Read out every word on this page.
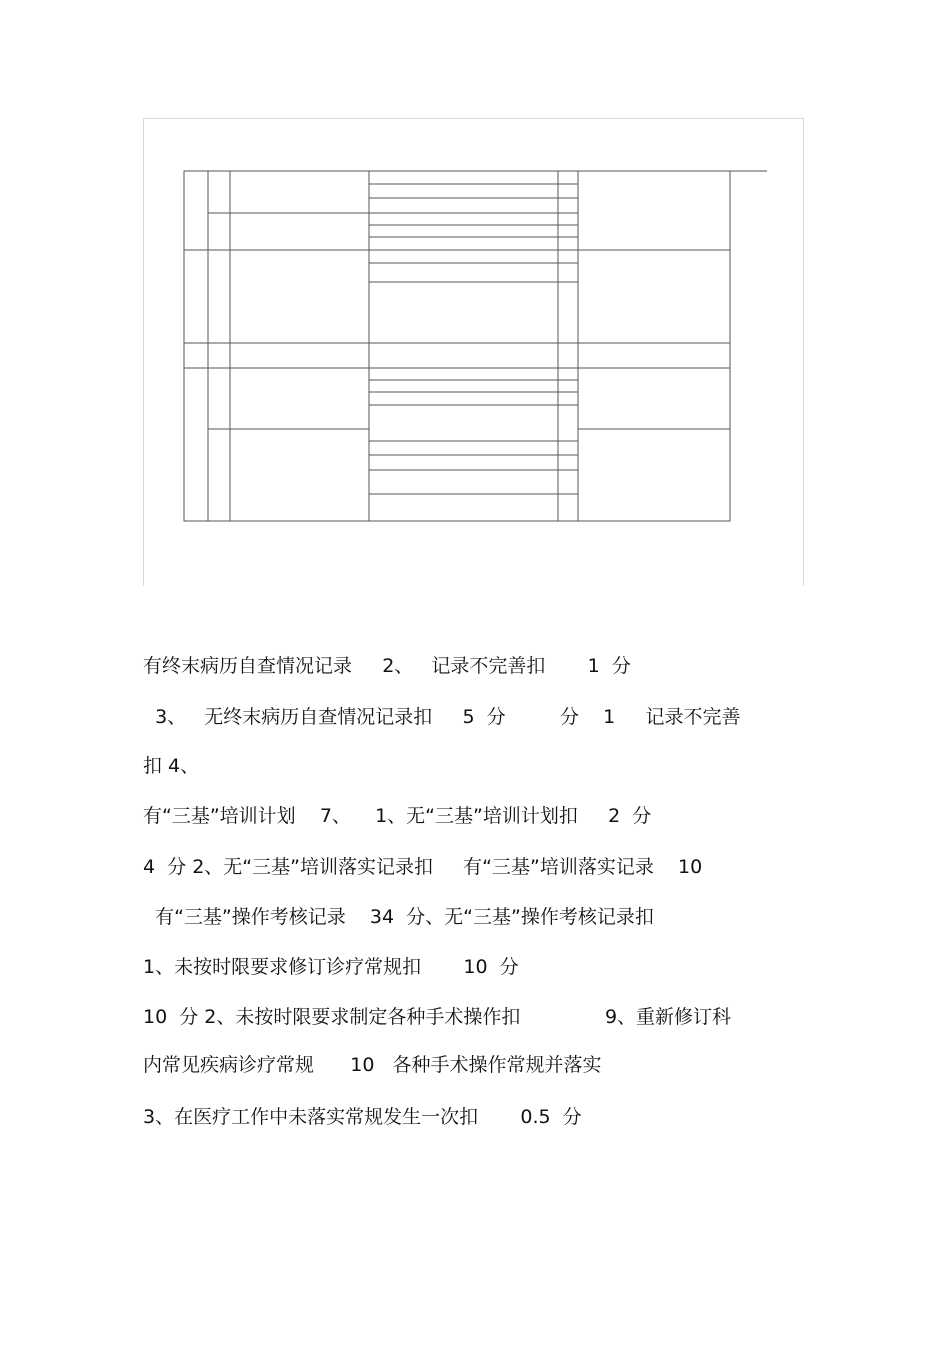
有终末病历自查情况记录     2、   记录不完善扣       1  分
3、   无终末病历自查情况记录扣     5  分         分    1     记录不完善
扣 4、
有“三基”培训计划    7、    1、无“三基”培训计划扣     2  分
4  分 2、无“三基”培训落实记录扣     有“三基”培训落实记录    10
有“三基”操作考核记录    34  分、无“三基”操作考核记录扣
1、未按时限要求修订诊疗常规扣       10  分
10  分 2、未按时限要求制定各种手术操作扣              9、重新修订科
内常见疾病诊疗常规      10   各种手术操作常规并落实
3、在医疗工作中未落实常规发生一次扣       0.5  分
